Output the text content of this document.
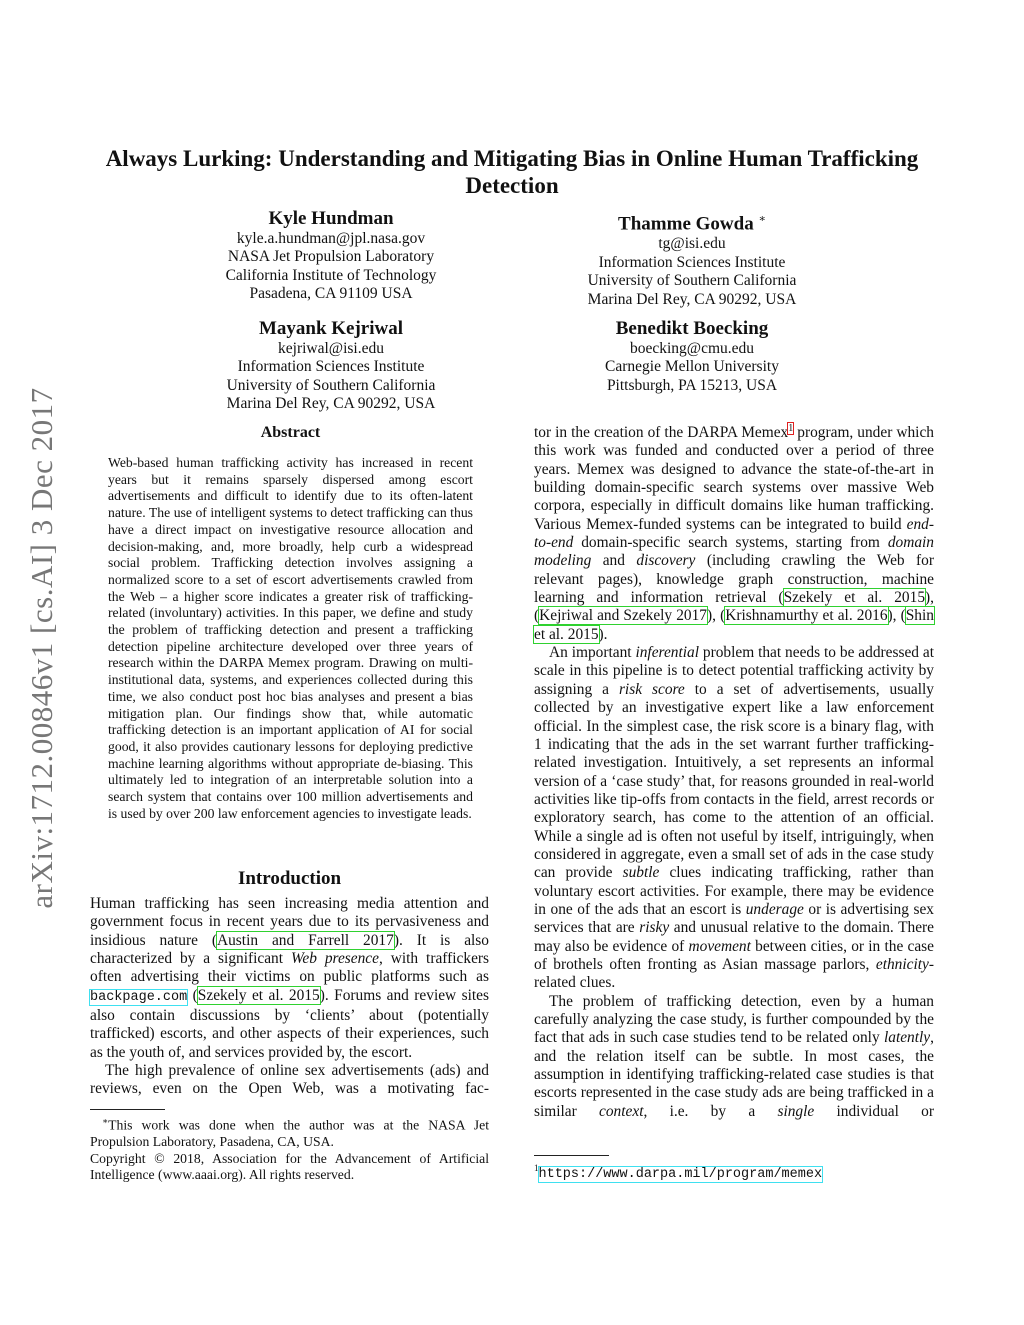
arXiv:1712.00846v1 [cs.AI] 3 Dec 2017
Always Lurking: Understanding and Mitigating Bias in Online Human Trafficking Detection
Kyle Hundman
kyle.a.hundman@jpl.nasa.gov
NASA Jet Propulsion Laboratory
California Institute of Technology
Pasadena, CA 91109 USA
Thamme Gowda ∗
tg@isi.edu
Information Sciences Institute
University of Southern California
Marina Del Rey, CA 90292, USA
Mayank Kejriwal
kejriwal@isi.edu
Information Sciences Institute
University of Southern California
Marina Del Rey, CA 90292, USA
Benedikt Boecking
boecking@cmu.edu
Carnegie Mellon University
Pittsburgh, PA 15213, USA
Abstract
Web-based human trafficking activity has increased in recent years but it remains sparsely dispersed among escort advertisements and difficult to identify due to its often-latent nature. The use of intelligent systems to detect trafficking can thus have a direct impact on investigative resource allocation and decision-making, and, more broadly, help curb a widespread social problem. Trafficking detection involves assigning a normalized score to a set of escort advertisements crawled from the Web – a higher score indicates a greater risk of trafficking-related (involuntary) activities. In this paper, we define and study the problem of trafficking detection and present a trafficking detection pipeline architecture developed over three years of research within the DARPA Memex program. Drawing on multi-institutional data, systems, and experiences collected during this time, we also conduct post hoc bias analyses and present a bias mitigation plan. Our findings show that, while automatic trafficking detection is an important application of AI for social good, it also provides cautionary lessons for deploying predictive machine learning algorithms without appropriate de-biasing. This ultimately led to integration of an interpretable solution into a search system that contains over 100 million advertisements and is used by over 200 law enforcement agencies to investigate leads.
Introduction

Human trafficking has seen increasing media attention and government focus in recent years due to its pervasiveness and insidious nature (Austin and Farrell 2017). It is also characterized by a significant Web presence, with traffickers often advertising their victims on public platforms such as backpage.com (Szekely et al. 2015). Forums and review sites also contain discussions by ‘clients’ about (potentially trafficked) escorts, and other aspects of their experiences, such as the youth of, and services provided by, the escort.

The high prevalence of online sex advertisements (ads) and reviews, even on the Open Web, was a motivating fac-

tor in the creation of the DARPA Memex$^1$ program, under which this work was funded and conducted over a period of three years. Memex was designed to advance the state-of-the-art in building domain-specific search systems over massive Web corpora, especially in difficult domains like human trafficking. Various Memex-funded systems can be integrated to build end-to-end domain-specific search systems, starting from domain modeling and discovery (including crawling the Web for relevant pages), knowledge graph construction, machine learning and information retrieval (Szekely et al. 2015), (Kejriwal and Szekely 2017), (Krishnamurthy et al. 2016), (Shin et al. 2015).

An important inferential problem that needs to be addressed at scale in this pipeline is to detect potential trafficking activity by assigning a risk score to a set of advertisements, usually collected by an investigative expert like a law enforcement official. In the simplest case, the risk score is a binary flag, with 1 indicating that the ads in the set warrant further trafficking-related investigation. Intuitively, a set represents an informal version of a ‘case study’ that, for reasons grounded in real-world activities like tip-offs from contacts in the field, arrest records or exploratory search, has come to the attention of an official. While a single ad is often not useful by itself, intriguingly, when considered in aggregate, even a small set of ads in the case study can provide subtle clues indicating trafficking, rather than voluntary escort activities. For example, there may be evidence in one of the ads that an escort is underage or is advertising sex services that are risky and unusual relative to the domain. There may also be evidence of movement between cities, or in the case of brothels often fronting as Asian massage parlors, ethnicity-related clues.

The problem of trafficking detection, even by a human carefully analyzing the case study, is further compounded by the fact that ads in such case studies tend to be related only latently, and the relation itself can be subtle. In most cases, the assumption in identifying trafficking-related case studies is that escorts represented in the case study ads are being trafficked in a similar context, i.e. by a single individual or

∗This work was done when the author was at the NASA Jet Propulsion Laboratory, Pasadena, CA, USA.

Copyright © 2018, Association for the Advancement of Artificial Intelligence (www.aaai.org). All rights reserved.	$^1$https://www.darpa.mil/program/memex
